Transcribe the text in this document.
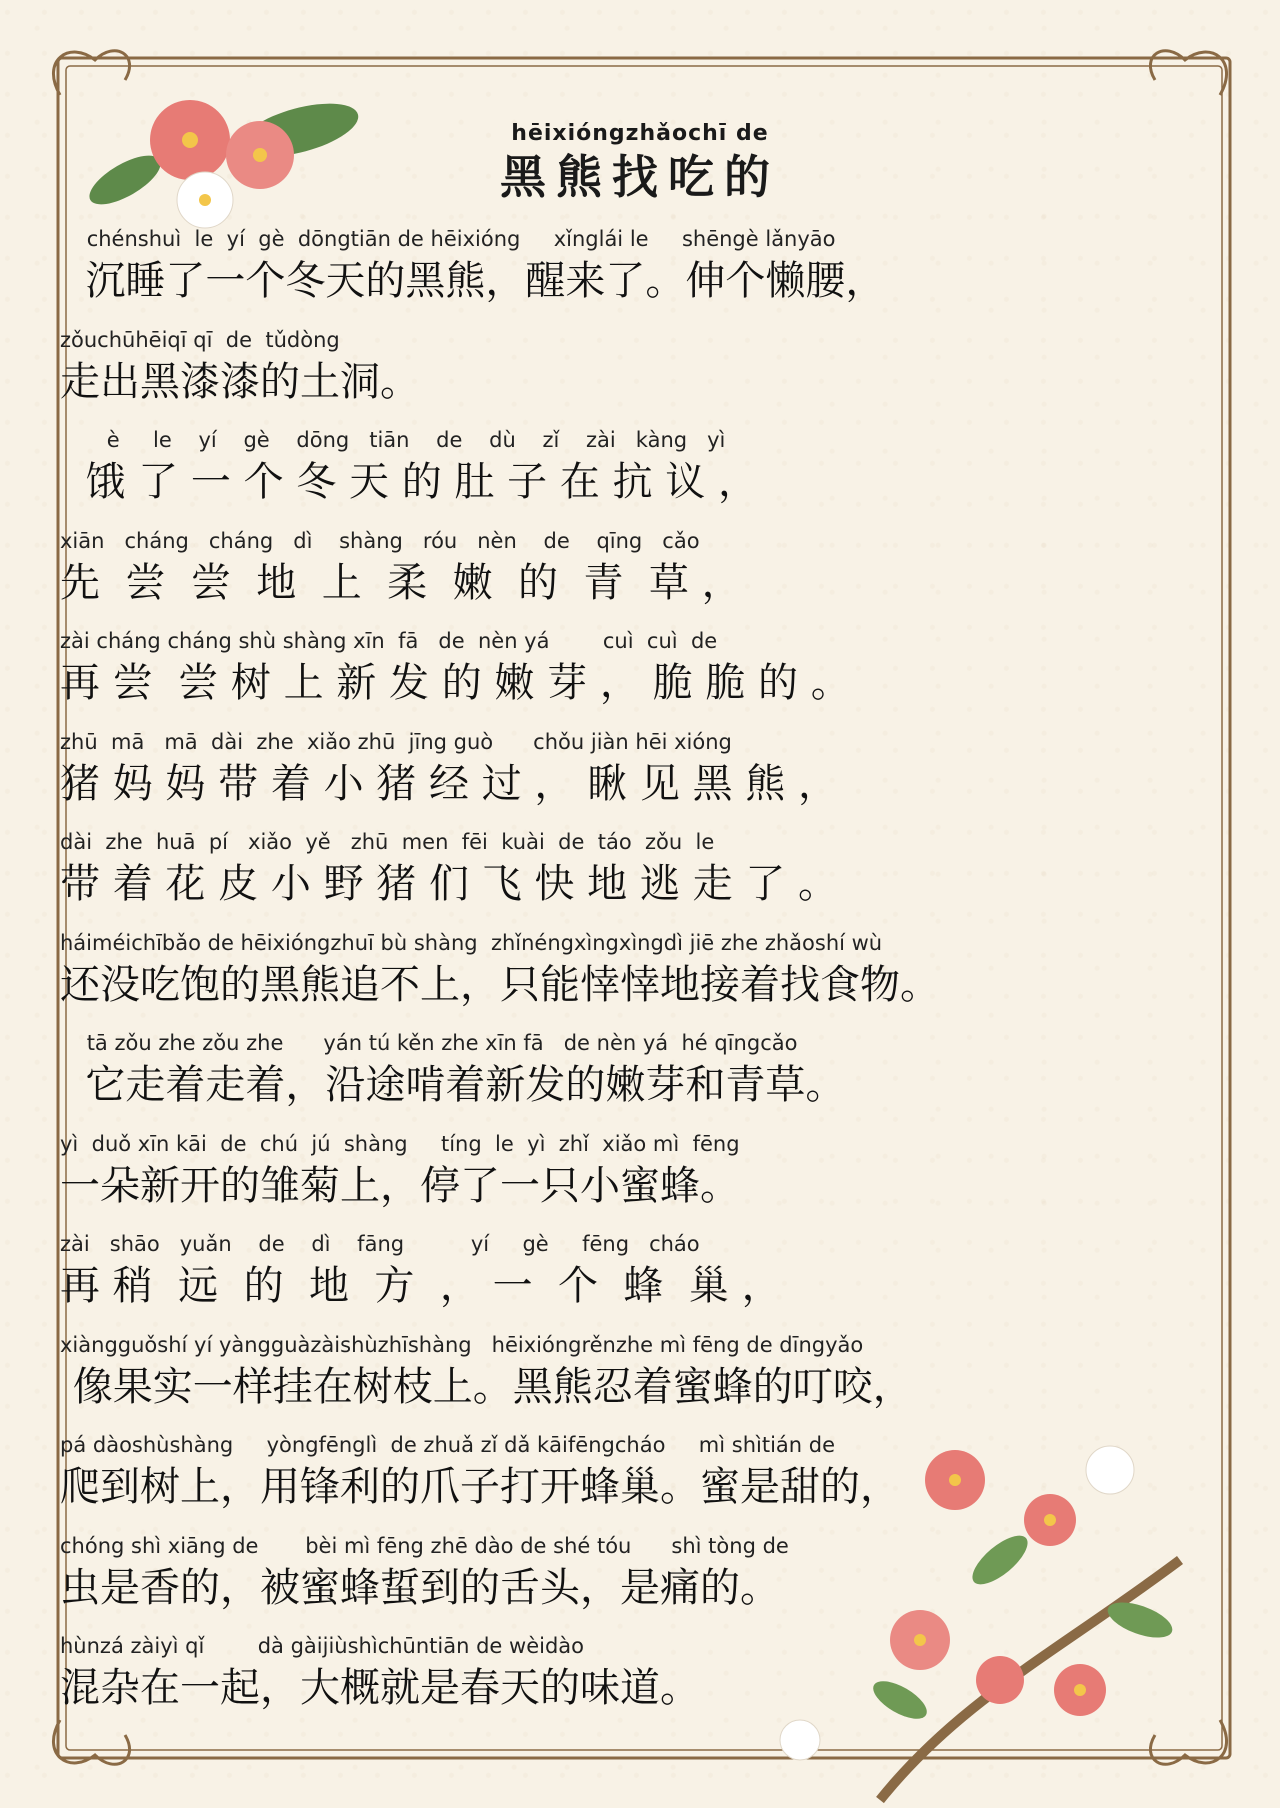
hēixióngzhǎochī de
黑熊找吃的
chénshuì  le  yí  gè  dōngtiān de hēixióng     xǐnglái le     shēngè lǎnyāo
沉睡了一个冬天的黑熊，醒来了。伸个懒腰，
zǒuchūhēiqī qī  de  tǔdòng
走出黑漆漆的土洞。
è     le    yí    gè    dōng   tiān    de    dù    zǐ    zài   kàng   yì
饿 了 一 个 冬 天 的 肚 子 在 抗 议 ，
xiān   cháng   cháng   dì    shàng   róu   nèn    de    qīng   cǎo
先  尝  尝  地  上  柔  嫩  的  青  草 ，
zài cháng cháng shù shàng xīn  fā   de  nèn yá        cuì  cuì  de
再 尝  尝 树 上 新 发 的 嫩 芽 ， 脆 脆 的 。
zhū  mā   mā  dài  zhe  xiǎo zhū  jīng guò      chǒu jiàn hēi xióng
猪 妈 妈 带 着 小 猪 经 过 ， 瞅 见 黑 熊 ，
dài  zhe  huā  pí   xiǎo  yě   zhū  men  fēi  kuài  de  táo  zǒu  le
带 着 花 皮 小 野 猪 们 飞 快 地 逃 走 了 。
háiméichībǎo de hēixióngzhuī bù shàng  zhǐnéngxìngxìngdì jiē zhe zhǎoshí wù
还没吃饱的黑熊追不上，只能悻悻地接着找食物。
tā zǒu zhe zǒu zhe      yán tú kěn zhe xīn fā   de nèn yá  hé qīngcǎo
它走着走着，沿途啃着新发的嫩芽和青草。
yì  duǒ xīn kāi  de  chú  jú  shàng     tíng  le  yì  zhǐ  xiǎo mì  fēng
一朵新开的雏菊上，停了一只小蜜蜂。
zài   shāo   yuǎn    de    dì    fāng          yí     gè     fēng   cháo
再 稍  远  的  地  方  ， 一  个  蜂  巢 ，
xiàngguǒshí yí yàngguàzàishùzhīshàng   hēixióngrěnzhe mì fēng de dīngyǎo
像果实一样挂在树枝上。黑熊忍着蜜蜂的叮咬，
pá dàoshùshàng     yòngfēnglì  de zhuǎ zǐ dǎ kāifēngcháo     mì shìtián de
爬到树上，用锋利的爪子打开蜂巢。蜜是甜的，
chóng shì xiāng de       bèi mì fēng zhē dào de shé tóu      shì tòng de
虫是香的，被蜜蜂蜇到的舌头，是痛的。
hùnzá zàiyì qǐ        dà gàijiùshìchūntiān de wèidào
混杂在一起，大概就是春天的味道。
